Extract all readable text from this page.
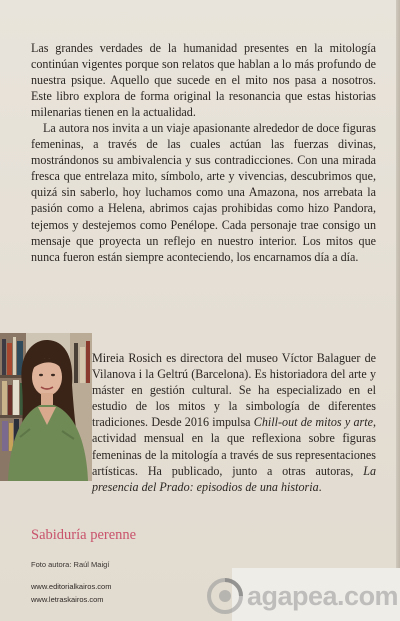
Las grandes verdades de la humanidad presentes en la mitología continúan vigentes porque son relatos que hablan a lo más profundo de nuestra psique. Aquello que sucede en el mito nos pasa a nosotros. Este libro explora de forma original la resonancia que estas historias milenarias tienen en la actualidad.

La autora nos invita a un viaje apasionante alrededor de doce figuras femeninas, a través de las cuales actúan las fuerzas divinas, mostrándonos su ambivalencia y sus contradicciones. Con una mirada fresca que entrelaza mito, símbolo, arte y vivencias, descubrimos que, quizá sin saberlo, hoy luchamos como una Amazona, nos arrebata la pasión como a Helena, abrimos cajas prohibidas como hizo Pandora, tejemos y destejemos como Penélope. Cada personaje trae consigo un mensaje que proyecta un reflejo en nuestro interior. Los mitos que nunca fueron están siempre aconteciendo, los encarnamos día a día.

Mireia Rosich es directora del museo Víctor Balaguer de Vilanova i la Geltrú (Barcelona). Es historiadora del arte y máster en gestión cultural. Se ha especializado en el estudio de los mitos y la simbología de diferentes tradiciones. Desde 2016 impulsa Chill-out de mitos y arte, actividad mensual en la que reflexiona sobre figuras femeninas de la mitología a través de sus representaciones artísticas. Ha publicado, junto a otras autoras, La presencia del Prado: episodios de una historia.

Sabiduría perenne
Foto autora: Raúl Maigí
www.editorialkairos.com
www.letraskairos.com	agapea.com
